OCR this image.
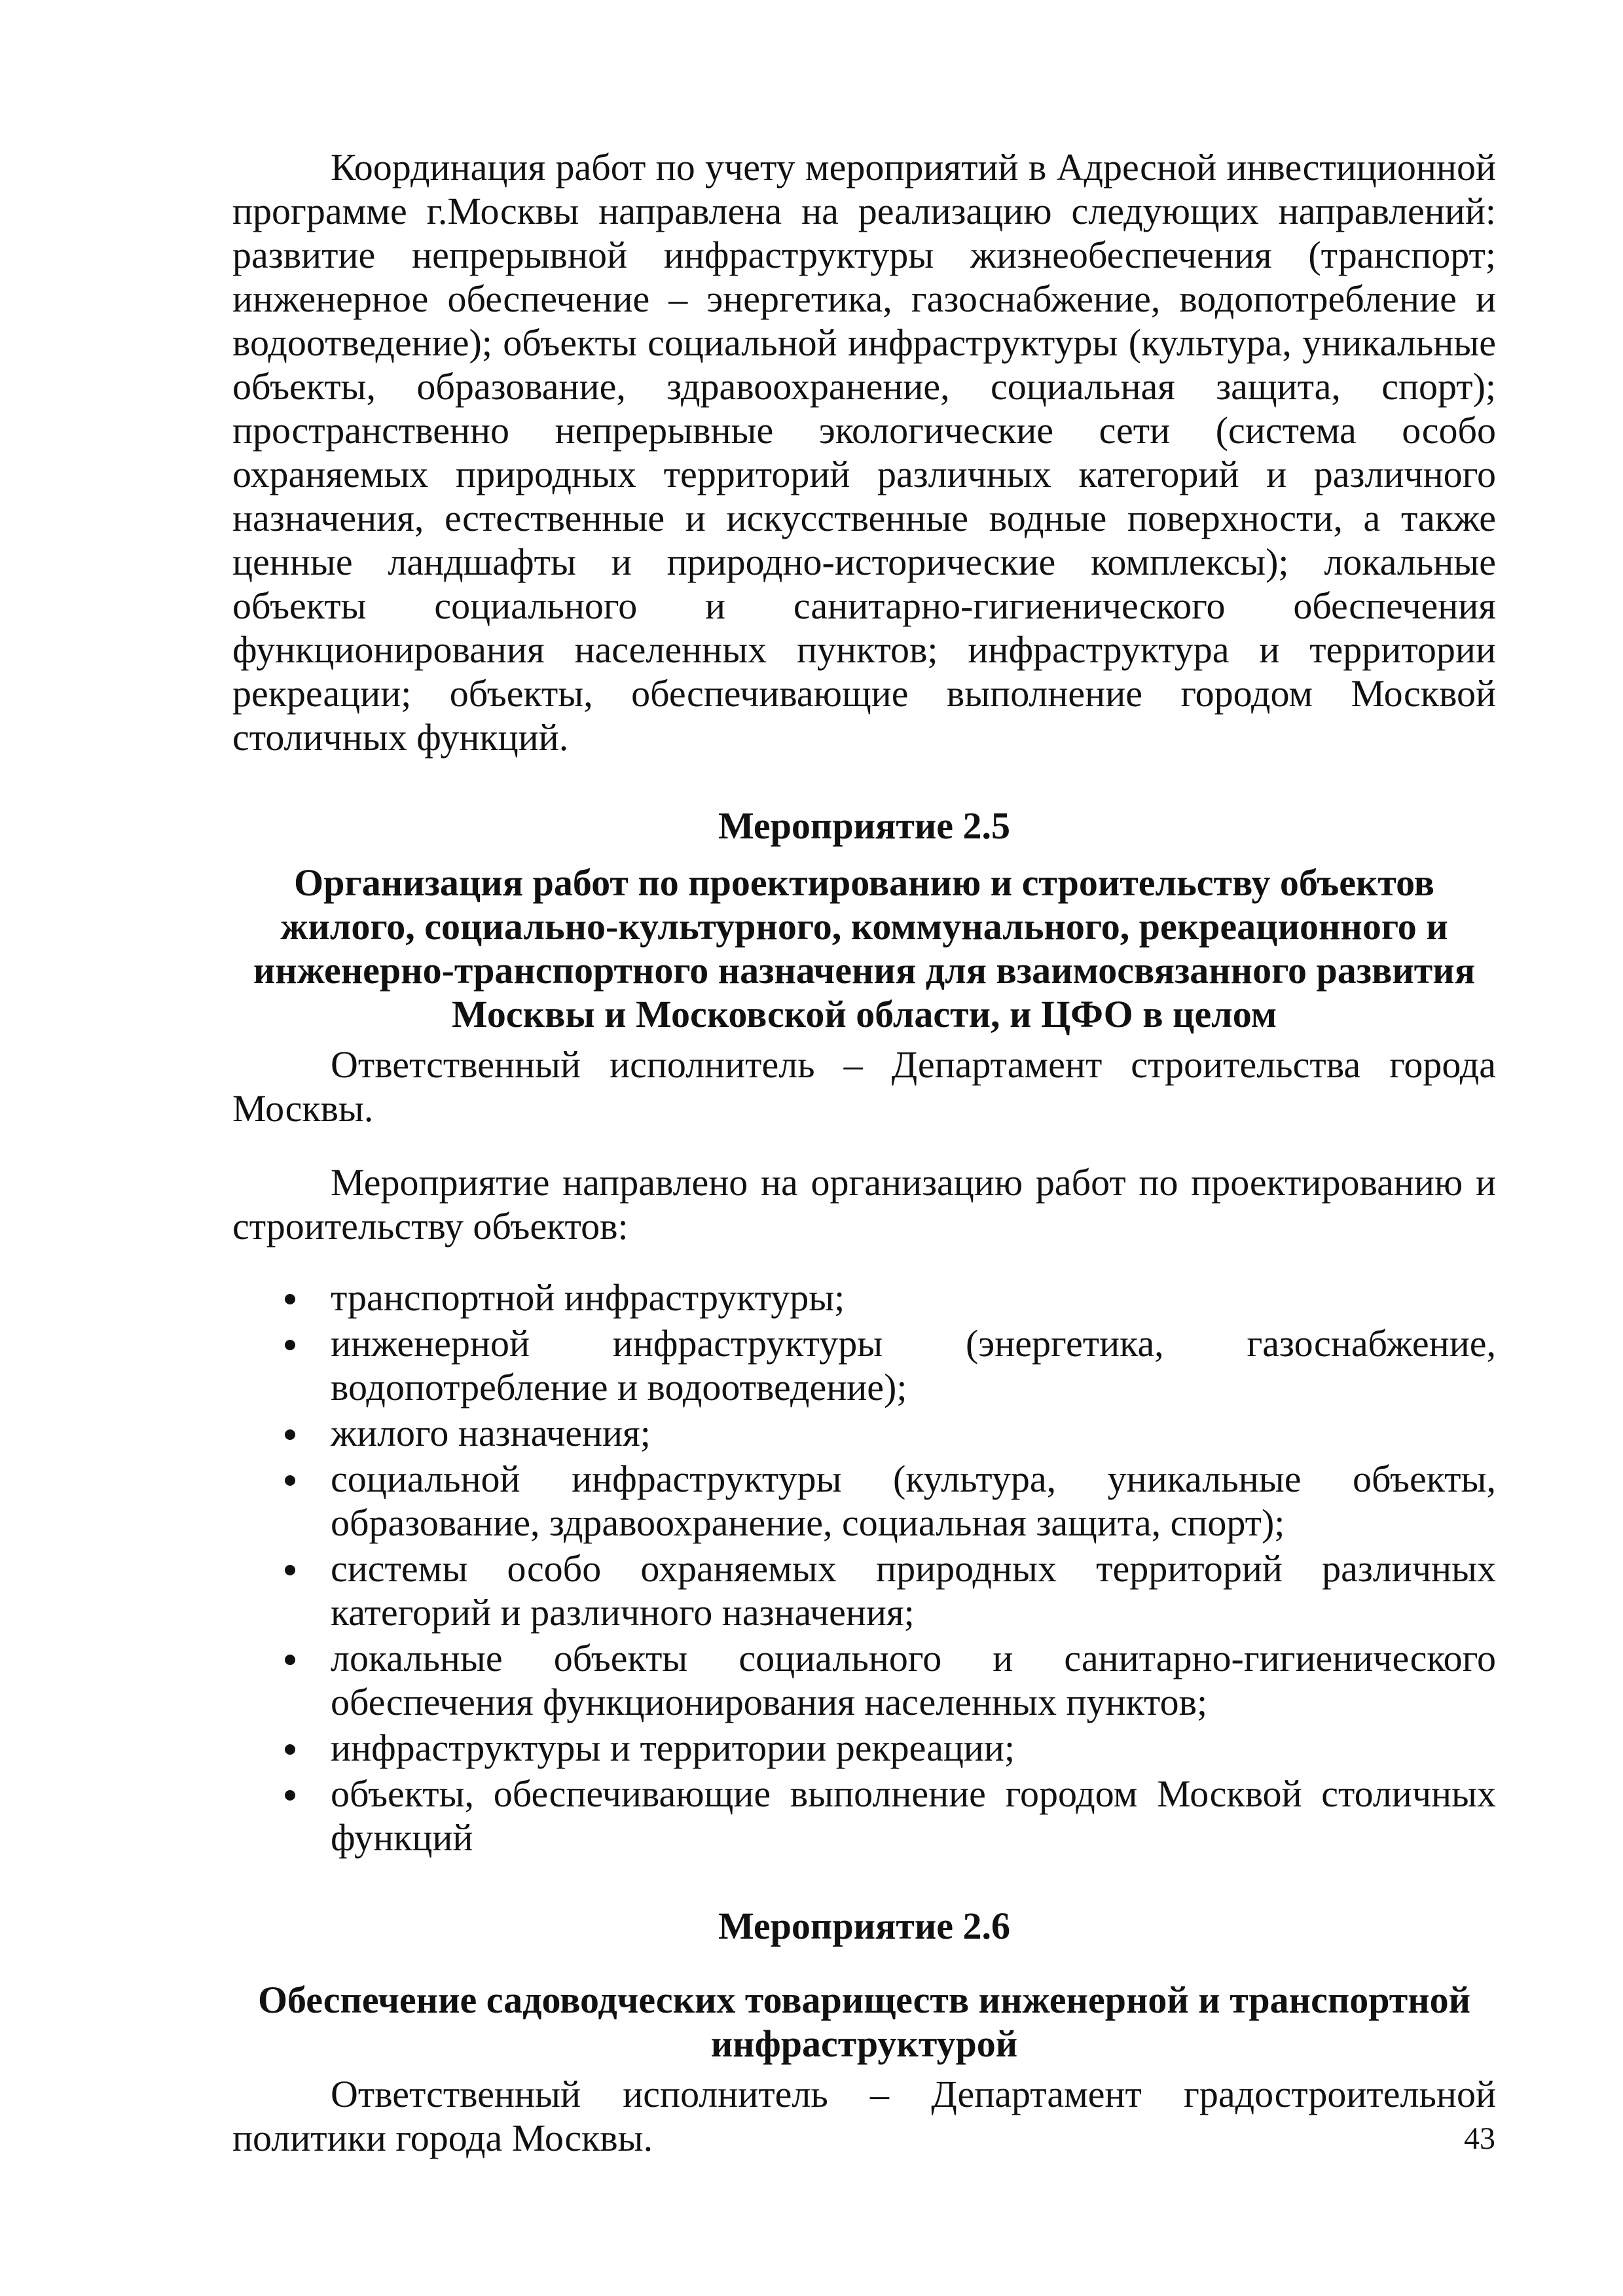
Координация работ по учету мероприятий в Адресной инвестиционной программе г.Москвы направлена на реализацию следующих направлений: развитие непрерывной инфраструктуры жизнеобеспечения (транспорт; инженерное обеспечение – энергетика, газоснабжение, водопотребление и водоотведение); объекты социальной инфраструктуры (культура, уникальные объекты, образование, здравоохранение, социальная защита, спорт); пространственно непрерывные экологические сети (система особо охраняемых природных территорий различных категорий и различного назначения, естественные и искусственные водные поверхности, а также ценные ландшафты и природно-исторические комплексы); локальные объекты социального и санитарно-гигиенического обеспечения функционирования населенных пунктов; инфраструктура и территории рекреации; объекты, обеспечивающие выполнение городом Москвой столичных функций.

Мероприятие 2.5

Организация работ по проектированию и строительству объектов жилого, социально-культурного, коммунального, рекреационного и инженерно-транспортного назначения для взаимосвязанного развития Москвы и Московской области, и ЦФО в целом

Ответственный исполнитель – Департамент строительства города Москвы.

Мероприятие направлено на организацию работ по проектированию и строительству объектов:

транспортной инфраструктуры;
инженерной инфраструктуры (энергетика, газоснабжение, водопотребление и водоотведение);
жилого назначения;
социальной инфраструктуры (культура, уникальные объекты, образование, здравоохранение, социальная защита, спорт);
системы особо охраняемых природных территорий различных категорий и различного назначения;
локальные объекты социального и санитарно-гигиенического обеспечения функционирования населенных пунктов;
инфраструктуры и территории рекреации;
объекты, обеспечивающие выполнение городом Москвой столичных функций

Мероприятие 2.6

Обеспечение садоводческих товариществ инженерной и транспортной инфраструктурой

Ответственный исполнитель – Департамент градостроительной политики города Москвы.	43
